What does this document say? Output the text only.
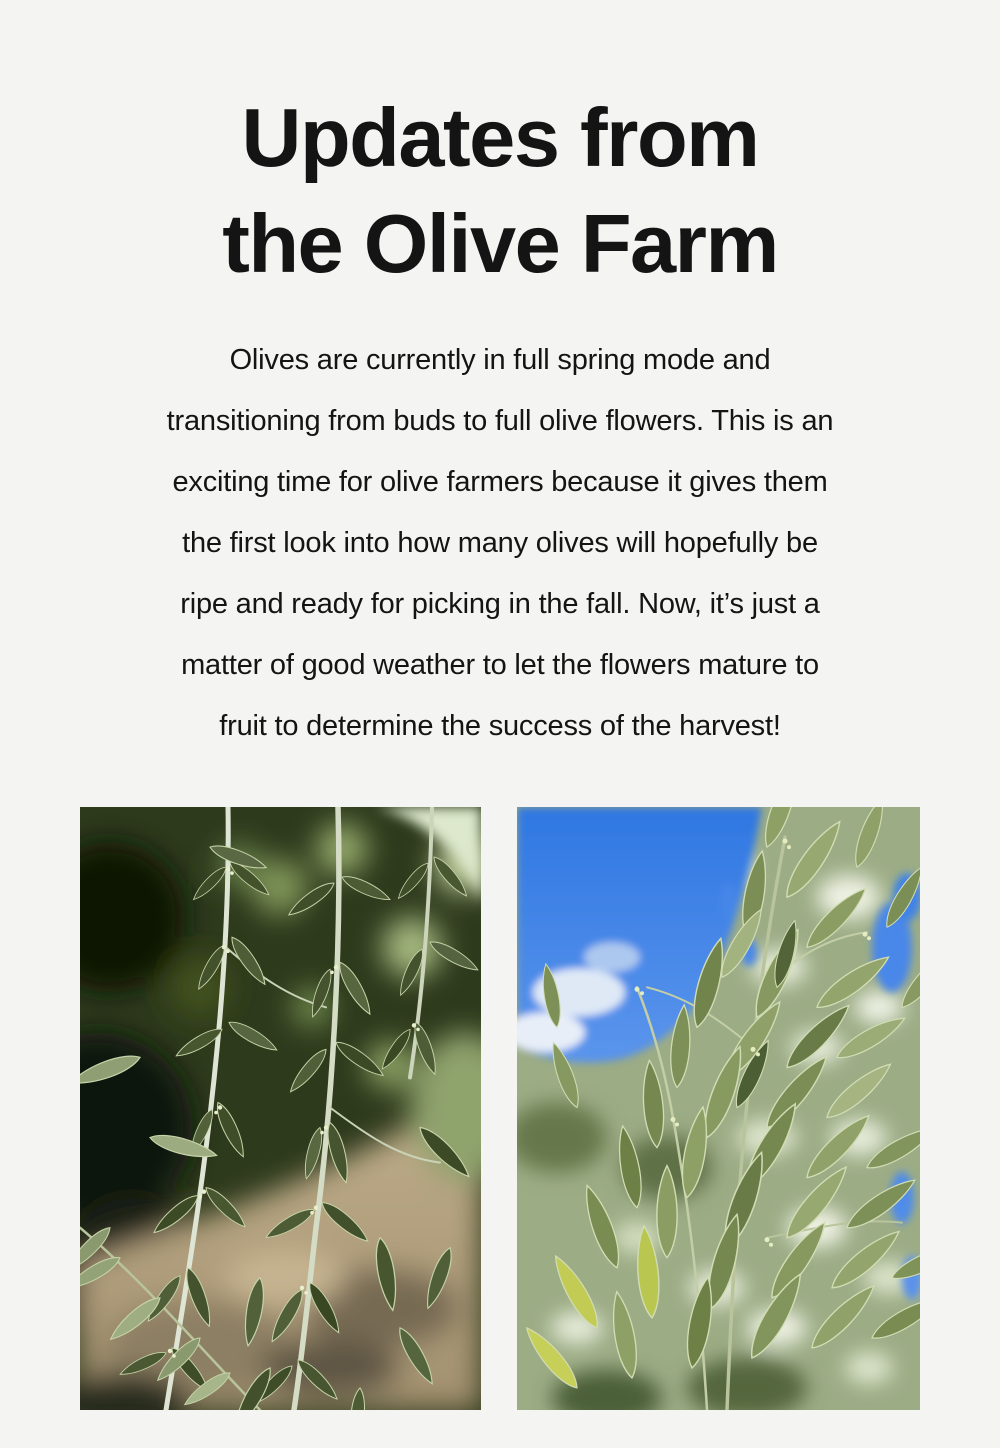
Updates from
the Olive Farm
Olives are currently in full spring mode and
transitioning from buds to full olive flowers. This is an
exciting time for olive farmers because it gives them
the first look into how many olives will hopefully be
ripe and ready for picking in the fall. Now, it’s just a
matter of good weather to let the flowers mature to
fruit to determine the success of the harvest!
